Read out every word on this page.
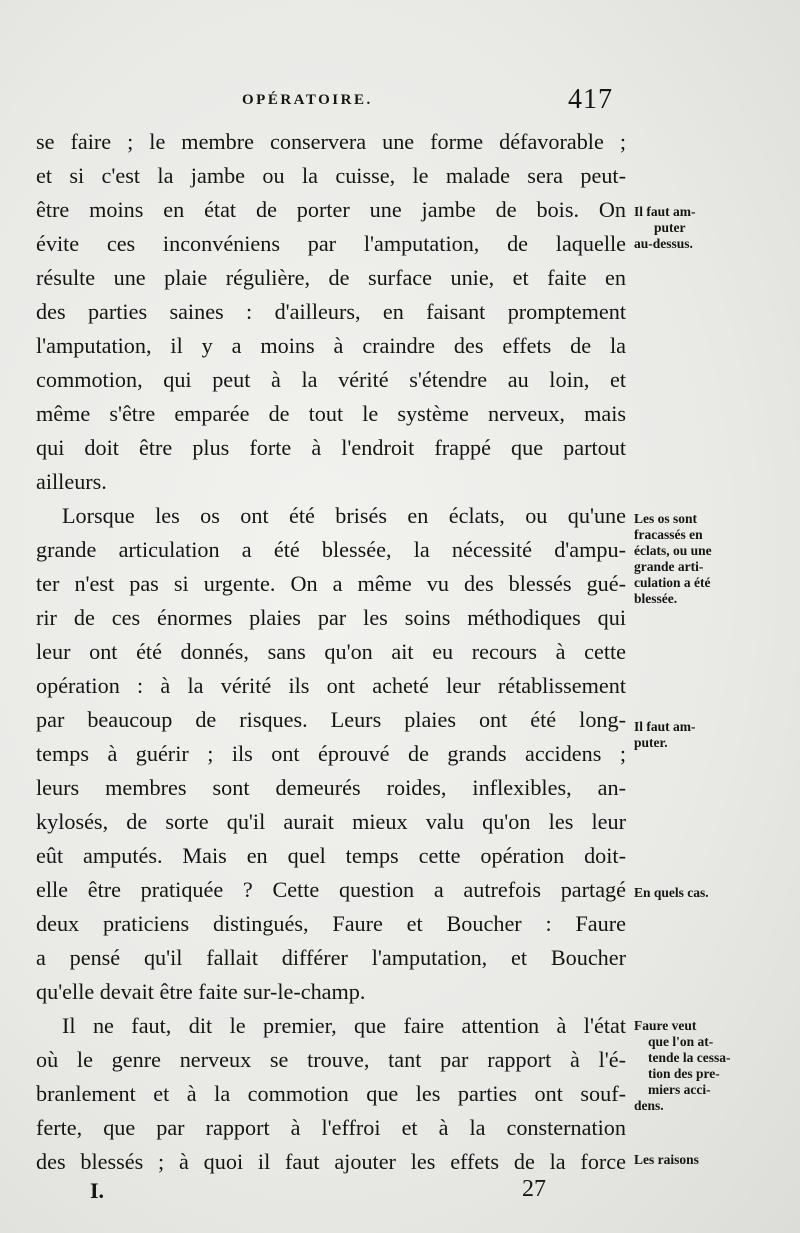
OPÉRATOIRE.	417
se faire ; le membre conservera une forme défavorable ;
et si c'est la jambe ou la cuisse, le malade sera peut-
être moins en état de porter une jambe de bois. On
évite ces inconvéniens par l'amputation, de laquelle
résulte une plaie régulière, de surface unie, et faite en
des parties saines : d'ailleurs, en faisant promptement
l'amputation, il y a moins à craindre des effets de la
commotion, qui peut à la vérité s'étendre au loin, et
même s'être emparée de tout le système nerveux, mais
qui doit être plus forte à l'endroit frappé que partout
ailleurs.
Lorsque les os ont été brisés en éclats, ou qu'une
grande articulation a été blessée, la nécessité d'ampu-
ter n'est pas si urgente. On a même vu des blessés gué-
rir de ces énormes plaies par les soins méthodiques qui
leur ont été donnés, sans qu'on ait eu recours à cette
opération : à la vérité ils ont acheté leur rétablissement
par beaucoup de risques. Leurs plaies ont été long-
temps à guérir ; ils ont éprouvé de grands accidens ;
leurs membres sont demeurés roides, inflexibles, an-
kylosés, de sorte qu'il aurait mieux valu qu'on les leur
eût amputés. Mais en quel temps cette opération doit-
elle être pratiquée ? Cette question a autrefois partagé
deux praticiens distingués, Faure et Boucher : Faure
a pensé qu'il fallait différer l'amputation, et Boucher
qu'elle devait être faite sur-le-champ.
Il ne faut, dit le premier, que faire attention à l'état
où le genre nerveux se trouve, tant par rapport à l'é-
branlement et à la commotion que les parties ont souf-
ferte, que par rapport à l'effroi et à la consternation
des blessés ; à quoi il faut ajouter les effets de la force
Il faut am-
puter
au-dessus.
Les os sont
fracassés en
éclats, ou une
grande arti-
culation a été
blessée.
Il faut am-
puter.
En quels cas.
Faure veut
que l'on at-
tende la cessa-
tion des pre-
miers acci-
dens.
Les raisons
I.	27
